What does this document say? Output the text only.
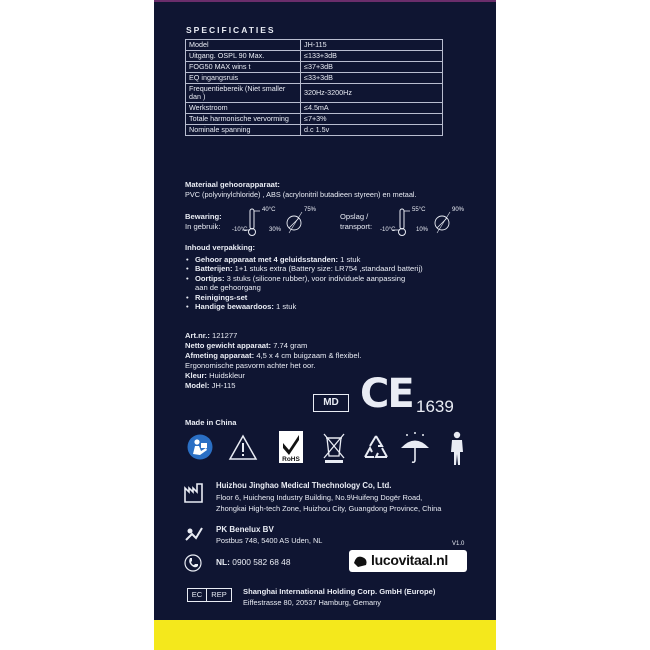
SPECIFICATIES
Model	JH-115
Uitgang. OSPL 90 Max.	≤133+3dB
FOG50 MAX wins t	≤37+3dB
EQ ingangsruis	≤33+3dB
Frequentiebereik (Niet smaller dan )	320Hz-3200Hz
Werkstroom	≤4.5mA
Totale harmonische vervorming	≤7+3%
Nominale spanning	d.c 1.5v
Materiaal gehoorapparaat:
PVC (polyvinylchloride) , ABS (acrylonitril butadieen styreen) en metaal.
Bewaring:
In gebruik:
40°C
-10°C
75%
30%
Opslag /
transport:
55°C
-10°C
90%
10%
Inhoud verpakking:
• Gehoor apparaat met 4 geluidsstanden: 1 stuk
• Batterijen: 1+1 stuks extra (Battery size: LR754 ,standaard batterij)
• Oortips: 3 stuks (silicone rubber), voor individuele aanpassing
aan de gehoorgang
• Reinigings-set
• Handige bewaardoos: 1 stuk
Art.nr.: 121277
Netto gewicht apparaat: 7.74 gram
Afmeting apparaat: 4,5 x 4 cm buigzaam & flexibel.
Ergonomische pasvorm achter het oor.
Kleur: Huidskleur
Model: JH-115
MD CE 1639
Made in China
RoHS
Huizhou Jinghao Medical Thechnology Co, Ltd.
Floor 6, Huicheng Industry Building, No.9\Huifeng Dogër Road,
Zhongkai High-tech Zone, Huizhou City, Guangdong Province, China
PK Benelux BV
Postbus 748, 5400 AS Uden, NL	V1.0
NL: 0900 582 68 48	lucovitaal.nl
EC	REP	Shanghai International Holding Corp. GmbH (Europe)
Eiffestrasse 80, 20537 Hamburg, Gemany
